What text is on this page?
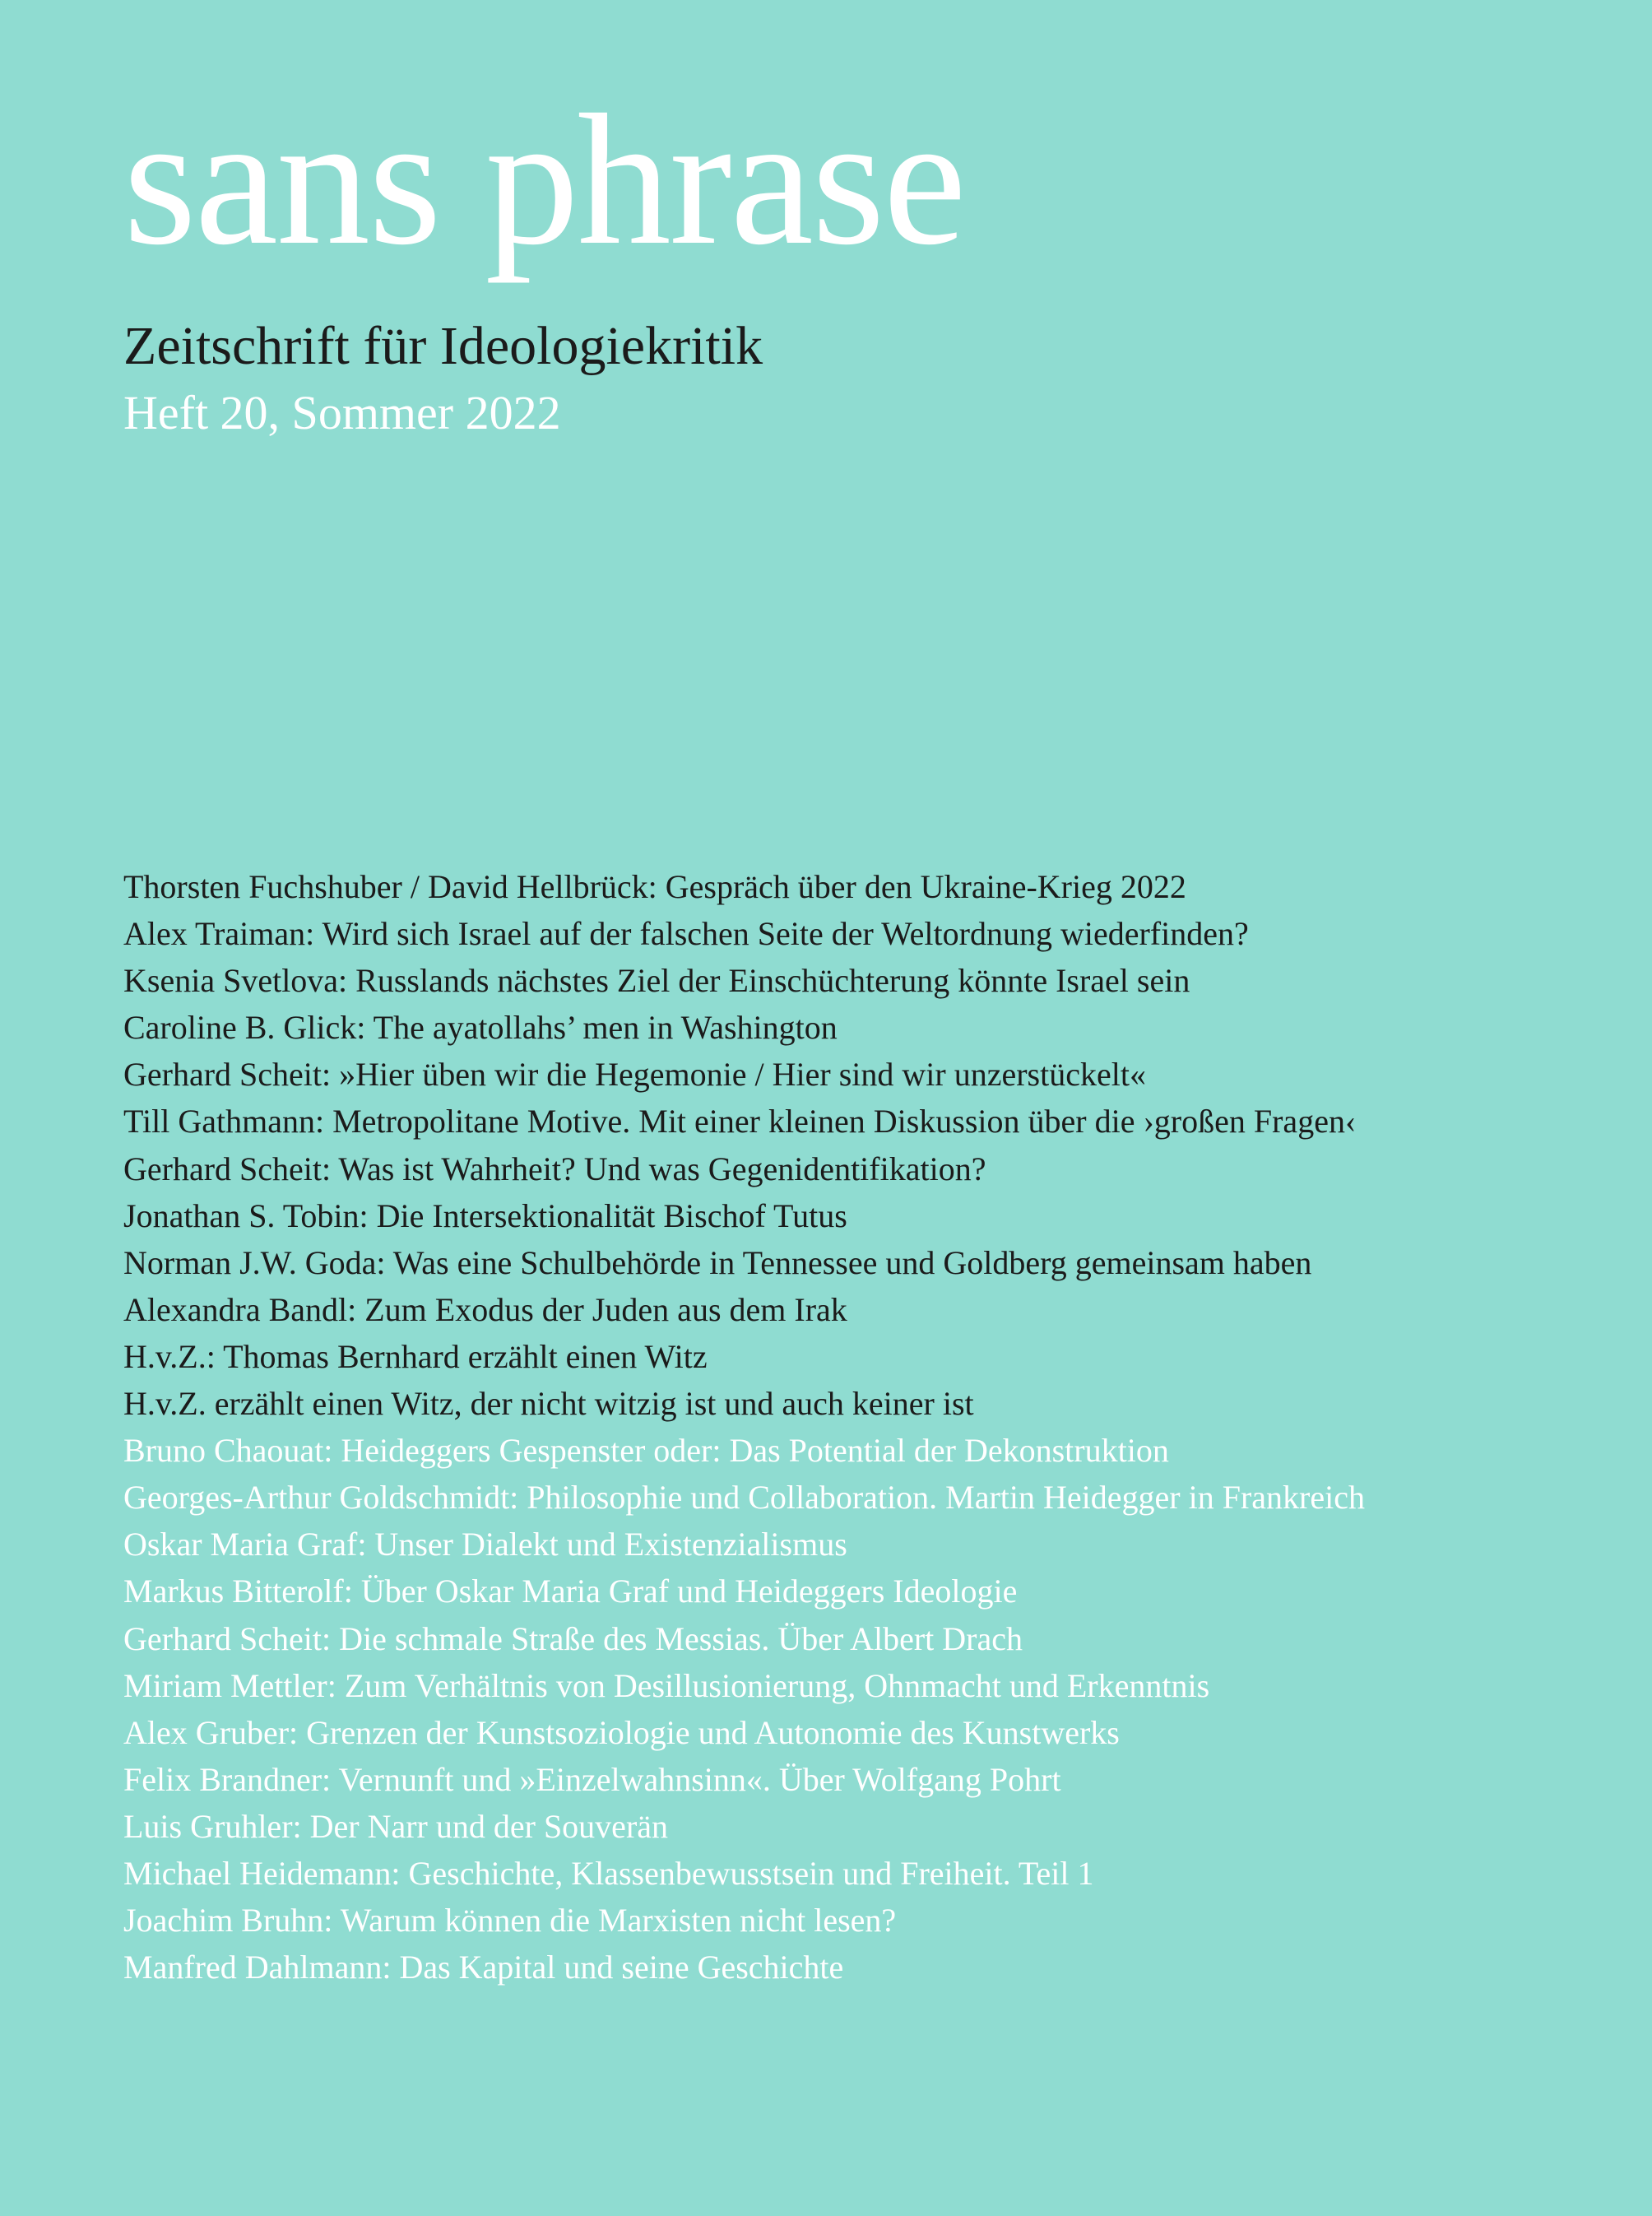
sans phrase
Zeitschrift für Ideologiekritik
Heft 20, Sommer 2022
Thorsten Fuchshuber / David Hellbrück: Gespräch über den Ukraine-Krieg 2022
Alex Traiman: Wird sich Israel auf der falschen Seite der Weltordnung wiederfinden?
Ksenia Svetlova: Russlands nächstes Ziel der Einschüchterung könnte Israel sein
Caroline B. Glick: The ayatollahs’ men in Washington
Gerhard Scheit: »Hier üben wir die Hegemonie / Hier sind wir unzerstückelt«
Till Gathmann: Metropolitane Motive. Mit einer kleinen Diskussion über die ›großen Fragen‹
Gerhard Scheit: Was ist Wahrheit? Und was Gegenidentifikation?
Jonathan S. Tobin: Die Intersektionalität Bischof Tutus
Norman J.W. Goda: Was eine Schulbehörde in Tennessee und Goldberg gemeinsam haben
Alexandra Bandl: Zum Exodus der Juden aus dem Irak
H.v.Z.: Thomas Bernhard erzählt einen Witz
H.v.Z. erzählt einen Witz, der nicht witzig ist und auch keiner ist
Bruno Chaouat: Heideggers Gespenster oder: Das Potential der Dekonstruktion
Georges-Arthur Goldschmidt: Philosophie und Collaboration. Martin Heidegger in Frankreich
Oskar Maria Graf: Unser Dialekt und Existenzialismus
Markus Bitterolf: Über Oskar Maria Graf und Heideggers Ideologie
Gerhard Scheit: Die schmale Straße des Messias. Über Albert Drach
Miriam Mettler: Zum Verhältnis von Desillusionierung, Ohnmacht und Erkenntnis
Alex Gruber: Grenzen der Kunstsoziologie und Autonomie des Kunstwerks
Felix Brandner: Vernunft und »Einzelwahnsinn«. Über Wolfgang Pohrt
Luis Gruhler: Der Narr und der Souverän
Michael Heidemann: Geschichte, Klassenbewusstsein und Freiheit. Teil 1
Joachim Bruhn: Warum können die Marxisten nicht lesen?
Manfred Dahlmann: Das Kapital und seine Geschichte
